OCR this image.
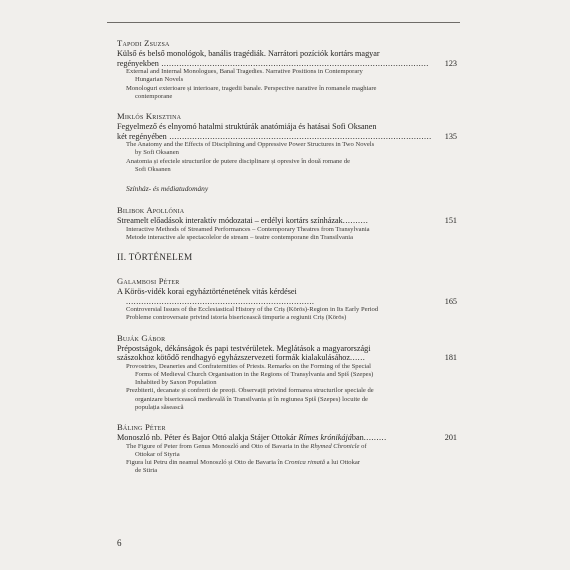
Tapodi Zsuzsa
Külső és belső monológok, banális tragédiák. Narrátori pozíciók kortárs magyar
regényekben ......................................................................................................... 123
External and Internal Monologues, Banal Tragedies. Narrative Positions in Contemporary
Hungarian Novels
Monologuri exterioare și interioare, tragedii banale. Perspective narative în romanele maghiare
contemporane
Miklós Krisztina
Fegyelmező és elnyomó hatalmi struktúrák anatómiája és hatásai Sofi Oksanen
két regényében ....................................................................................................... 135
The Anatomy and the Effects of Disciplining and Oppressive Power Structures in Two Novels
by Sofi Oksanen
Anatomia și efectele structurilor de putere disciplinare și opresive în două romane de
Sofi Oksanen
Színház- és médiatudomány
Bilibok Apollónia
Streamelt előadások interaktív módozatai – erdélyi kortárs színházak..........	151
Interactive Methods of Streamed Performances – Contemporary Theatres from Transylvania
Metode interactive ale spectacolelor de stream – teatre contemporane din Transilvania
II. TÖRTÉNELEM
Galambosi Péter
A Körös-vidék korai egyháztörténetének vitás kérdései ..........................................................................	165
Controversial Issues of the Ecclesiastical History of the Criș (Körös)-Region in Its Early Period
Probleme controversate privind istoria bisericească timpurie a regiunii Criș (Körös)
Buják Gábor
Prépostságok, dékánságok és papi testvérületek. Meglátások a magyarországi
szászokhoz kötődő rendhagyó egyházszervezeti formák kialakulásához......	181
Provostries, Deaneries and Confraternities of Priests. Remarks on the Forming of the Special
Forms of Medieval Church Organisation in the Regions of Transylvania and Spiš (Szepes)
Inhabited by Saxon Population
Prezbiterii, decanate și confrerii de preoți. Observații privind formarea structurilor speciale de
organizare bisericească medievală în Transilvania și în regiunea Spiš (Szepes) locuite de
populația săsească
Báling Péter
Monoszló nb. Péter és Bajor Ottó alakja Stájer Ottokár Rímes krónikájában.........	201
The Figure of Peter from Genus Monoszló and Otto of Bavaria in the Rhymed Chronicle of
Ottokar of Styria
Figura lui Petru din neamul Monoszló și Otto de Bavaria în Cronica rimată a lui Ottokar
de Stiria
6
